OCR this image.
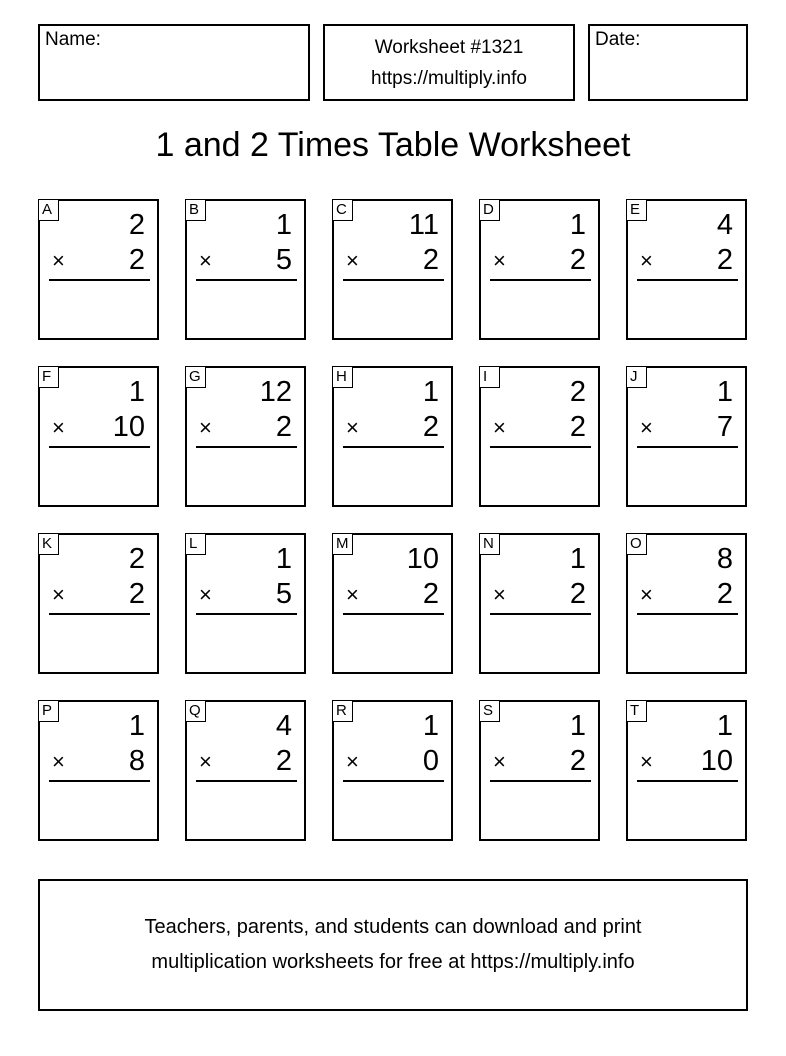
Name:	Worksheet #1321
https://multiply.info
Date:
1 and 2 Times Table Worksheet
A	2
× 2
B	1
× 5
C 11
× 2
D	1
× 2
E	4
× 2
F	1
× 10
G 12
× 2
H	1
× 2
I	2
× 2
J	1
× 7
K	2
× 2
L	1
× 5
M 10
× 2
N	1
× 2
O	8
× 2
P	1
× 8
Q	4
× 2
R	1
× 0
S	1
× 2
T	1
× 10
Teachers, parents, and students can download and print
multiplication worksheets for free at https://multiply.info
